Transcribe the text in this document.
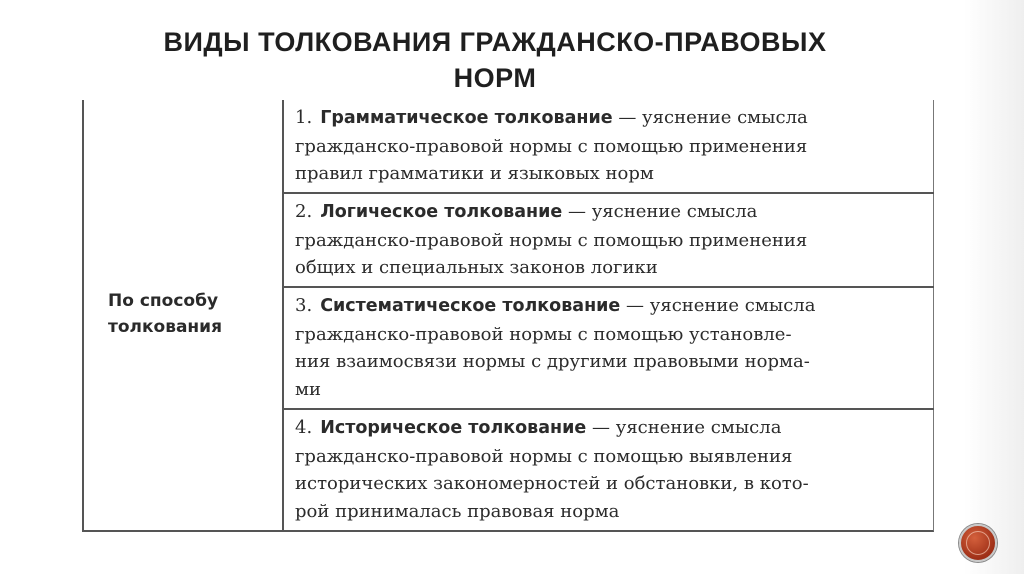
ВИДЫ ТОЛКОВАНИЯ ГРАЖДАНСКО-ПРАВОВЫХ
НОРМ
По способу
толкования
1. Грамматическое толкование — уяснение смысла
гражданско-правовой нормы с помощью применения
правил грамматики и языковых норм
2. Логическое толкование — уяснение смысла
гражданско-правовой нормы с помощью применения
общих и специальных законов логики
3. Систематическое толкование — уяснение смысла
гражданско-правовой нормы с помощью установле-
ния взаимосвязи нормы с другими правовыми норма-
ми
4. Историческое толкование — уяснение смысла
гражданско-правовой нормы с помощью выявления
исторических закономерностей и обстановки, в кото-
рой принималась правовая норма
